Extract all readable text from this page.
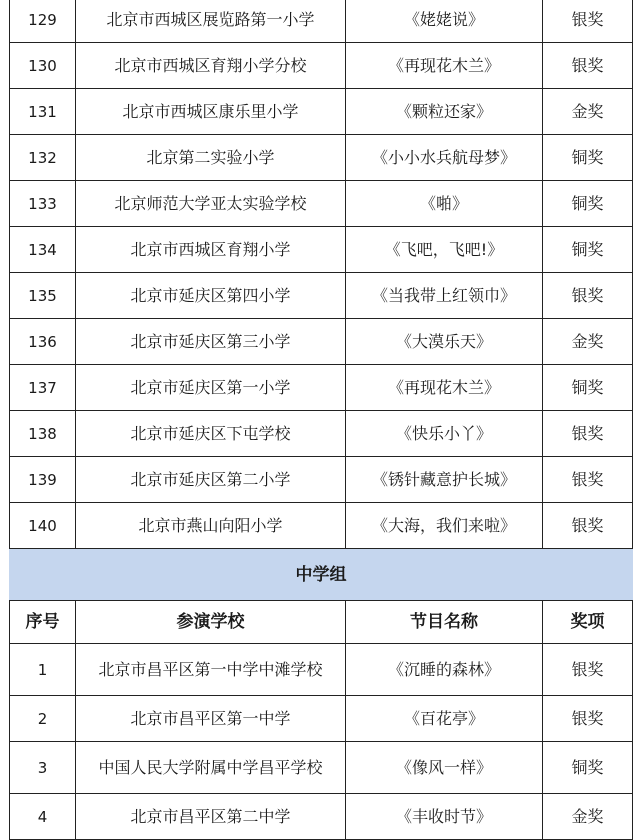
129	北京市西城区展览路第一小学	《姥姥说》	银奖
130	北京市西城区育翔小学分校	《再现花木兰》	银奖
131	北京市西城区康乐里小学	《颗粒还家》	金奖
132	北京第二实验小学	《小小水兵航母梦》	铜奖
133	北京师范大学亚太实验学校	《啪》	铜奖
134	北京市西城区育翔小学	《飞吧，飞吧!》	铜奖
135	北京市延庆区第四小学	《当我带上红领巾》	银奖
136	北京市延庆区第三小学	《大漠乐天》	金奖
137	北京市延庆区第一小学	《再现花木兰》	铜奖
138	北京市延庆区下屯学校	《快乐小丫》	银奖
139	北京市延庆区第二小学	《锈针藏意护长城》	银奖
140	北京市燕山向阳小学	《大海，我们来啦》	银奖
中学组			
序号	参演学校	节目名称	奖项
1	北京市昌平区第一中学中滩学校	《沉睡的森林》	银奖
2	北京市昌平区第一中学	《百花亭》	银奖
3	中国人民大学附属中学昌平学校	《像风一样》	铜奖
4	北京市昌平区第二中学	《丰收时节》	金奖
